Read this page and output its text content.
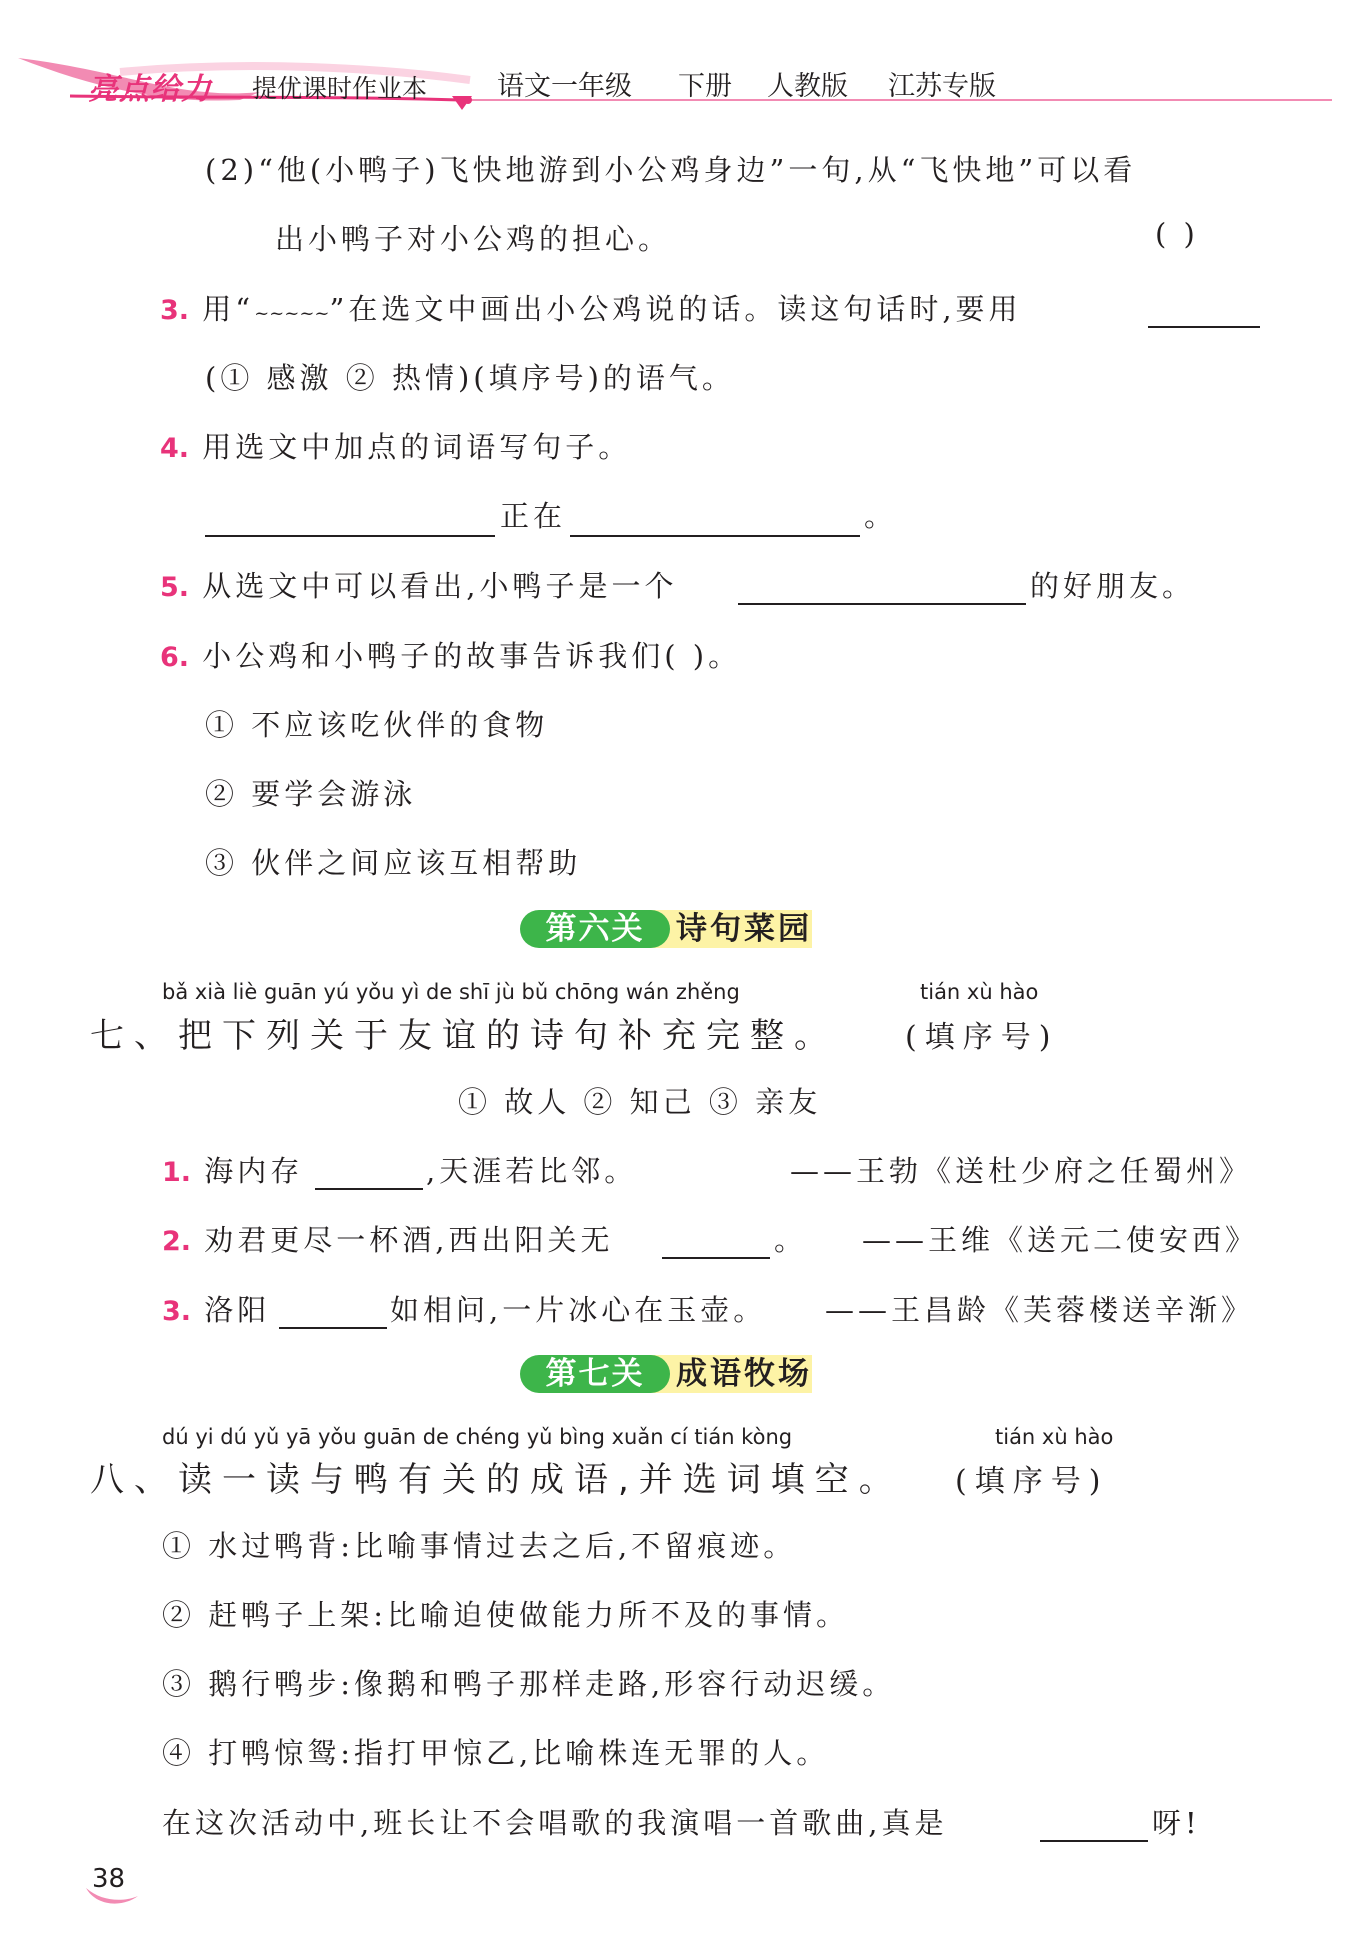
亮点给力 提优课时作业本	语文一年级 下册 人教版 江苏专版
(2)“他(小鸭子)飞快地游到小公鸡身边”一句,从“飞快地”可以看
出小鸭子对小公鸡的担心。	( )
3. 用“~~~~~”在选文中画出小公鸡说的话。读这句话时,要用
(① 感激 ② 热情)(填序号)的语气。
4. 用选文中加点的词语写句子。
正在	。
5. 从选文中可以看出,小鸭子是一个	的好朋友。
6. 小公鸡和小鸭子的故事告诉我们( )。
① 不应该吃伙伴的食物
② 要学会游泳
③ 伙伴之间应该互相帮助
诗句菜园
第六关
bǎ xià liè guān yú yǒu yì de shī jù bǔ chōng wán zhěng	tián xù hào
七、把下列关于友谊的诗句补充完整。 (填序号)
① 故人 ② 知己 ③ 亲友
1. 海内存	,天涯若比邻。	——王勃《送杜少府之任蜀州》
2. 劝君更尽一杯酒,西出阳关无	。 ——王维《送元二使安西》
3. 洛阳	如相问,一片冰心在玉壶。 ——王昌龄《芙蓉楼送辛渐》
成语牧场
第七关
dú yi dú yǔ yā yǒu guān de chéng yǔ bìng xuǎn cí tián kòng	tián xù hào
八、读一读与鸭有关的成语,并选词填空。 (填序号)
① 水过鸭背:比喻事情过去之后,不留痕迹。
② 赶鸭子上架:比喻迫使做能力所不及的事情。
③ 鹅行鸭步:像鹅和鸭子那样走路,形容行动迟缓。
④ 打鸭惊鸳:指打甲惊乙,比喻株连无罪的人。
在这次活动中,班长让不会唱歌的我演唱一首歌曲,真是	呀!
38
